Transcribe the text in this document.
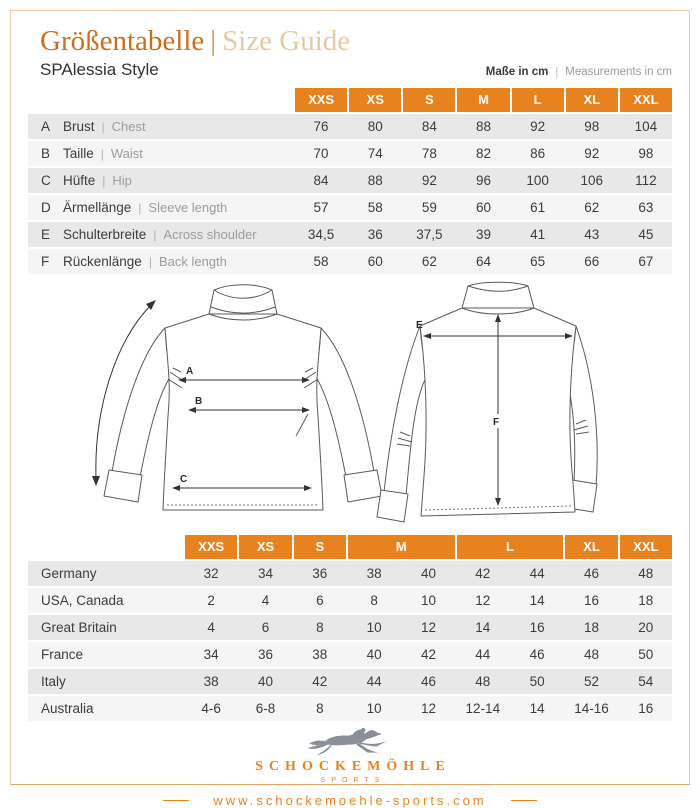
Größentabelle | Size Guide
SPAlessia Style	Maße in cm | Measurements in cm
XXS	XS	S	M	L	XL	XXL
A Brust | Chest	76	80	84	88	92	98	104
B Taille | Waist	70	74	78	82	86	92	98
C Hüfte | Hip	84	88	92	96	100	106	112
D Ärmellänge | Sleeve length	57	58	59	60	61	62	63
E Schulterbreite | Across shoulder	34,5	36	37,5	39	41	43	45
F	Rückenlänge | Back length	58	60	62	64	65	66	67
A
B
C
E
F
XXS	XS	S	M	L	XL	XXL
Germany	32	34	36	38	40	42	44	46	48
USA, Canada	2	4	6	8	10	12	14	16	18
Great Britain	4	6	8	10	12	14	16	18	20
France	34	36	38	40	42	44	46	48	50
Italy	38	40	42	44	46	48	50	52	54
Australia	4-6	6-8	8	10	12	12-14	14	14-16	16
SCHOCKEMÖHLE
SPORTS
www.schockemoehle-sports.com
